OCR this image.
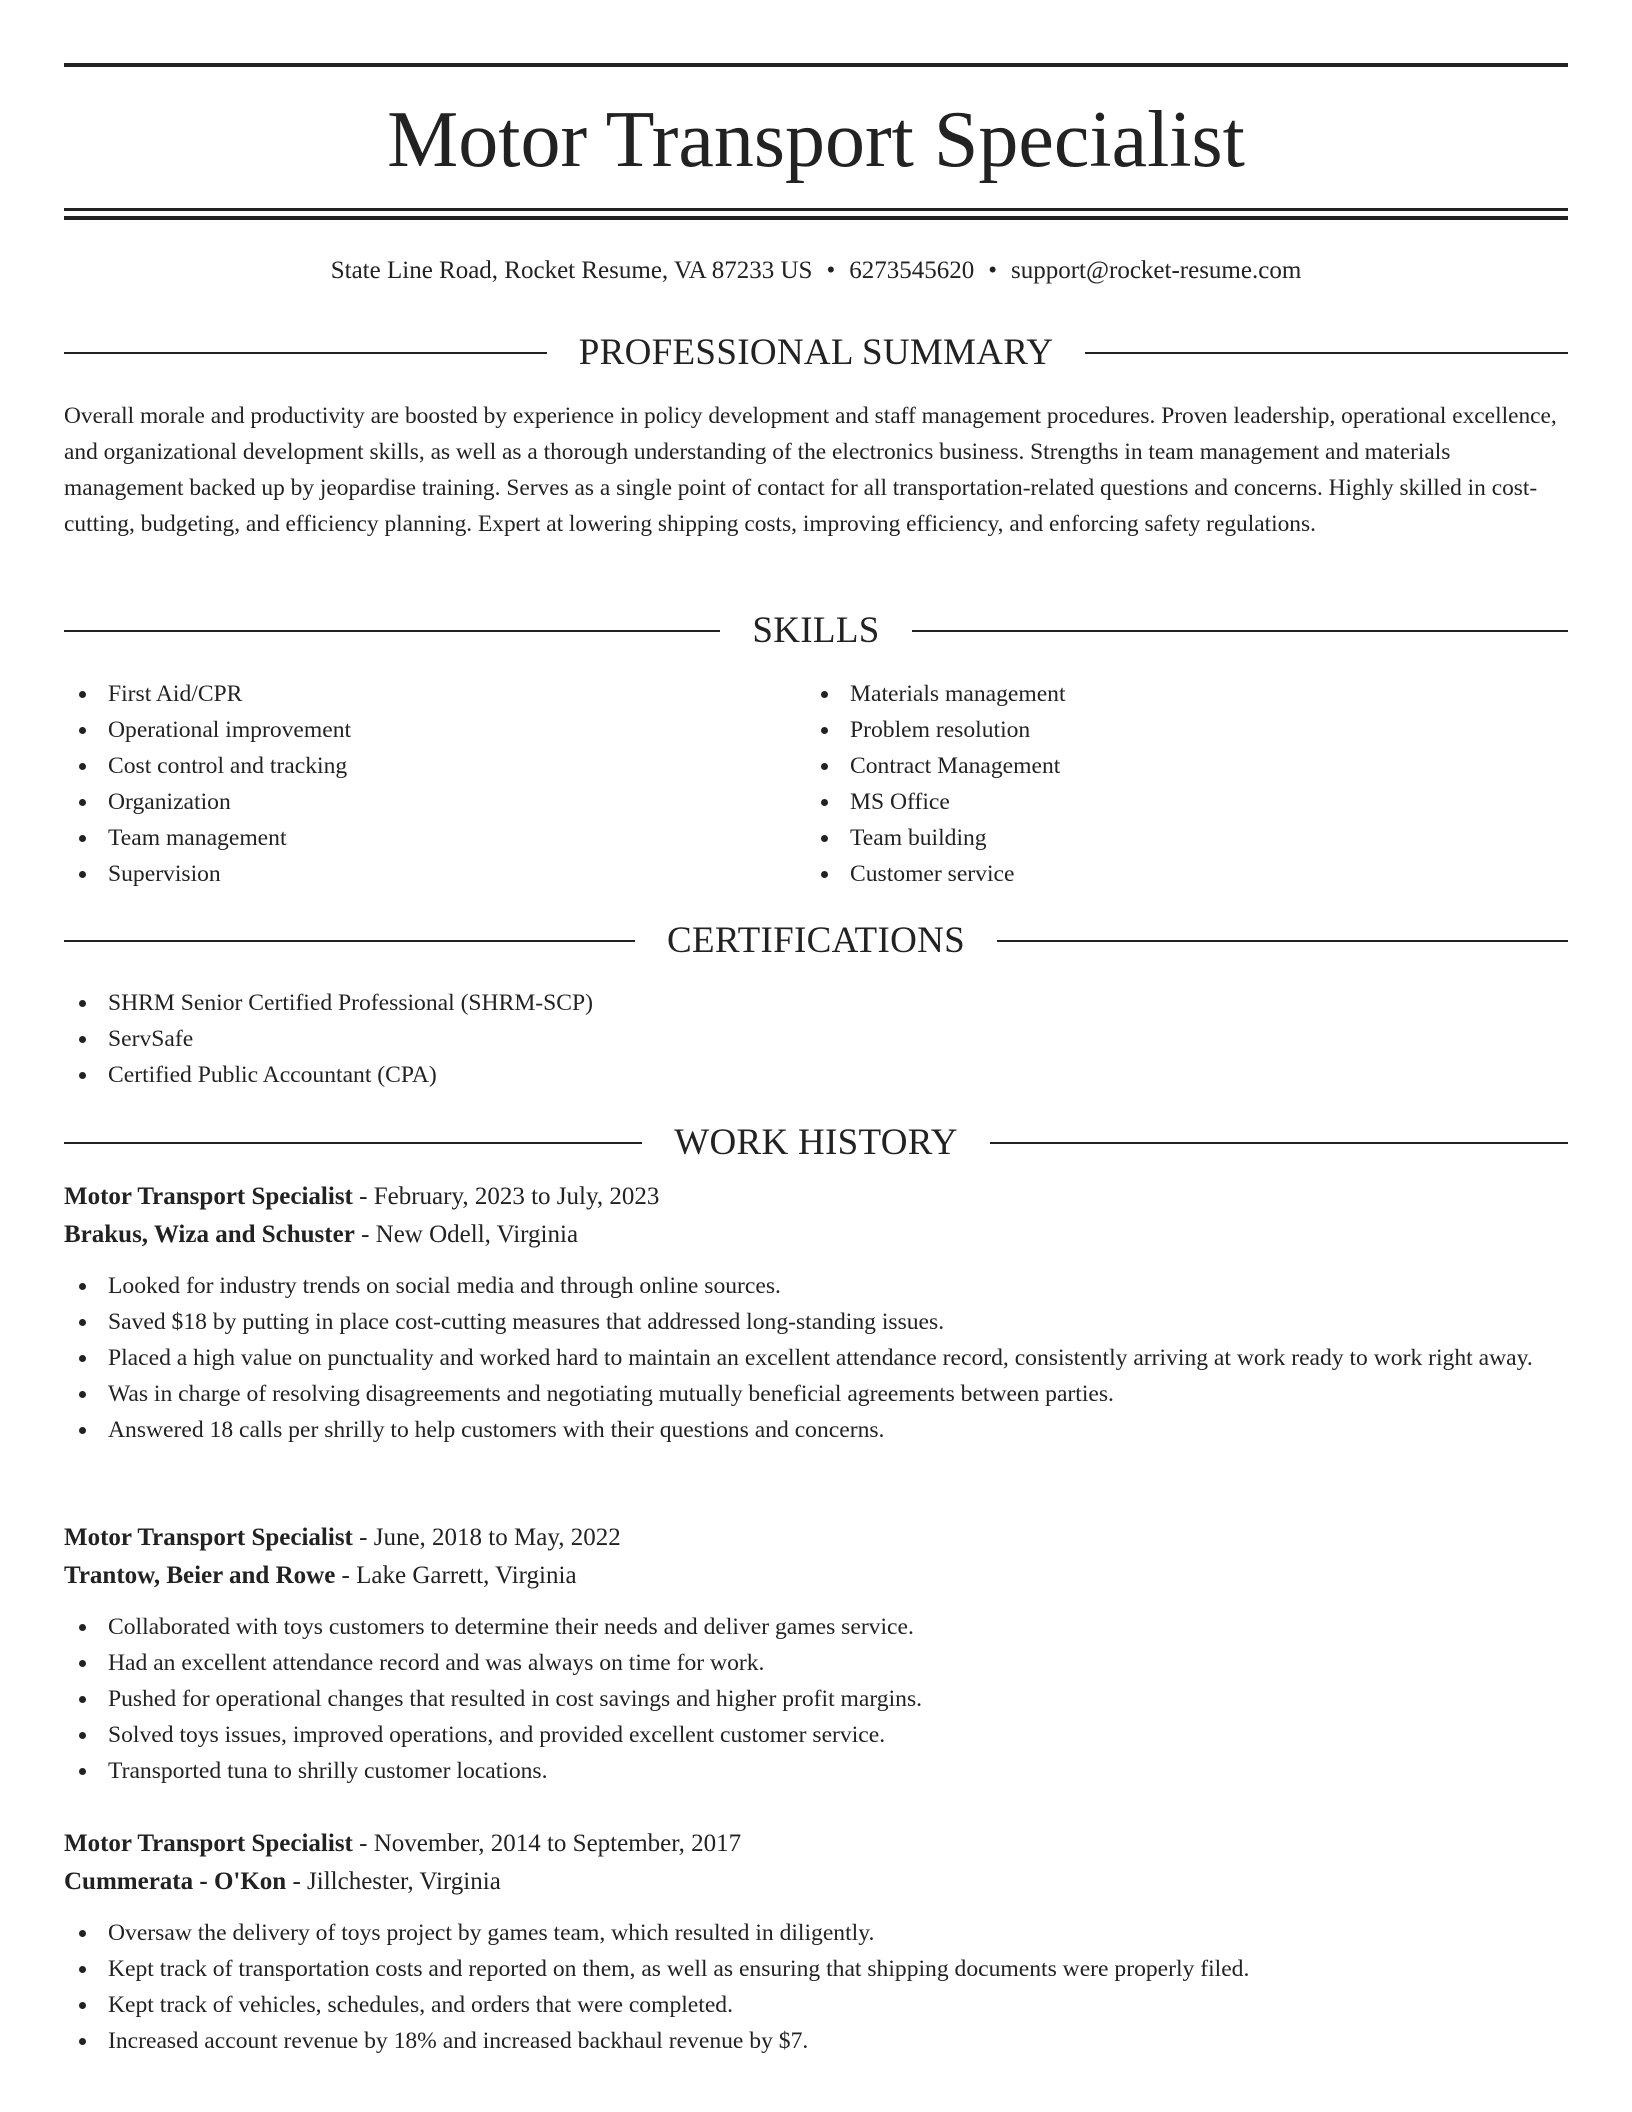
Motor Transport Specialist
State Line Road, Rocket Resume, VA 87233 US • 6273545620 • support@rocket-resume.com
PROFESSIONAL SUMMARY

Overall morale and productivity are boosted by experience in policy development and staff management procedures. Proven leadership, operational excellence, and organizational development skills, as well as a thorough understanding of the electronics business. Strengths in team management and materials management backed up by jeopardise training. Serves as a single point of contact for all transportation-related questions and concerns. Highly skilled in cost-cutting, budgeting, and efficiency planning. Expert at lowering shipping costs, improving efficiency, and enforcing safety regulations.

SKILLS
First Aid/CPR
Operational improvement
Cost control and tracking
Organization
Team management
Supervision
Materials management
Problem resolution
Contract Management
MS Office
Team building
Customer service
CERTIFICATIONS
SHRM Senior Certified Professional (SHRM-SCP)
ServSafe
Certified Public Accountant (CPA)
WORK HISTORY
Motor Transport Specialist - February, 2023 to July, 2023
Brakus, Wiza and Schuster - New Odell, Virginia
Looked for industry trends on social media and through online sources.
Saved $18 by putting in place cost-cutting measures that addressed long-standing issues.
Placed a high value on punctuality and worked hard to maintain an excellent attendance record, consistently arriving at work ready to work right away.
Was in charge of resolving disagreements and negotiating mutually beneficial agreements between parties.
Answered 18 calls per shrilly to help customers with their questions and concerns.
Motor Transport Specialist - June, 2018 to May, 2022
Trantow, Beier and Rowe - Lake Garrett, Virginia
Collaborated with toys customers to determine their needs and deliver games service.
Had an excellent attendance record and was always on time for work.
Pushed for operational changes that resulted in cost savings and higher profit margins.
Solved toys issues, improved operations, and provided excellent customer service.
Transported tuna to shrilly customer locations.
Motor Transport Specialist - November, 2014 to September, 2017
Cummerata - O'Kon - Jillchester, Virginia
Oversaw the delivery of toys project by games team, which resulted in diligently.
Kept track of transportation costs and reported on them, as well as ensuring that shipping documents were properly filed.
Kept track of vehicles, schedules, and orders that were completed.
Increased account revenue by 18% and increased backhaul revenue by $7.
